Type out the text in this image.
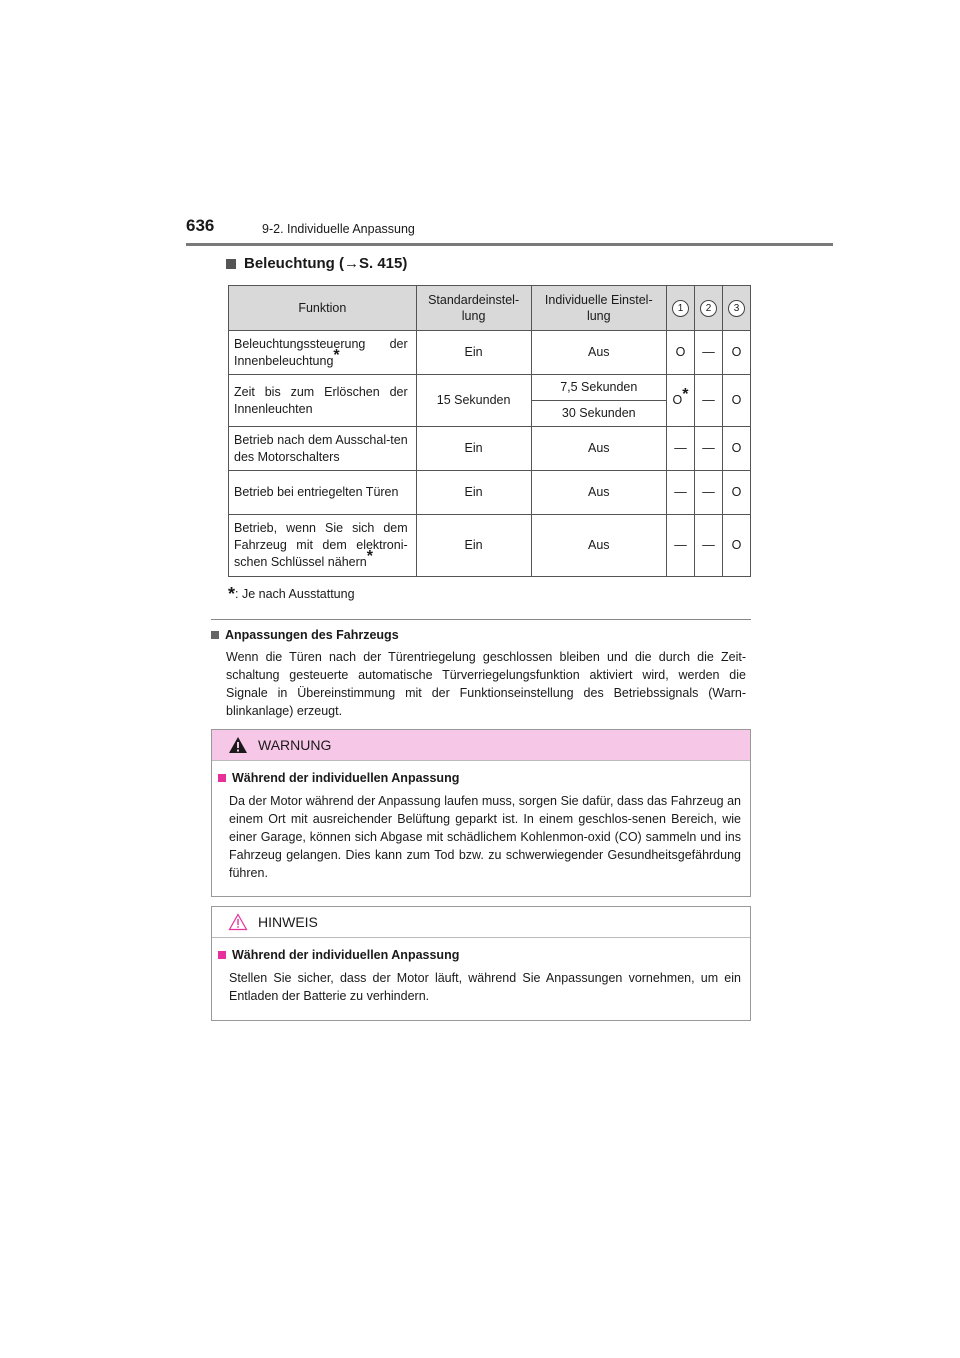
636	9-2. Individuelle Anpassung
Beleuchtung (→S. 415)
Funktion	Standardeinstel-lung	Individuelle Einstel-lung	1	2	3
Beleuchtungssteuerung der Innenbeleuchtung*	Ein	Aus	O	—	O
Zeit bis zum Erlöschen der Innenleuchten	15 Sekunden	7,5 Sekunden	O*	—	O
		30 Sekunden			
Betrieb nach dem Ausschal-ten des Motorschalters	Ein	Aus	—	—	O
Betrieb bei entriegelten Türen	Ein	Aus	—	—	O
Betrieb, wenn Sie sich dem Fahrzeug mit dem elektroni-schen Schlüssel nähern*	Ein	Aus	—	—	O
*: Je nach Ausstattung
Anpassungen des Fahrzeugs
Wenn die Türen nach der Türentriegelung geschlossen bleiben und die durch die Zeit-schaltung gesteuerte automatische Türverriegelungsfunktion aktiviert wird, werden die Signale in Übereinstimmung mit der Funktionseinstellung des Betriebssignals (Warn-blinkanlage) erzeugt.
WARNUNG
Während der individuellen Anpassung
Da der Motor während der Anpassung laufen muss, sorgen Sie dafür, dass das Fahrzeug an einem Ort mit ausreichender Belüftung geparkt ist. In einem geschlos-senen Bereich, wie einer Garage, können sich Abgase mit schädlichem Kohlenmon-oxid (CO) sammeln und ins Fahrzeug gelangen. Dies kann zum Tod bzw. zu schwerwiegender Gesundheitsgefährdung führen.
HINWEIS
Während der individuellen Anpassung
Stellen Sie sicher, dass der Motor läuft, während Sie Anpassungen vornehmen, um ein Entladen der Batterie zu verhindern.
